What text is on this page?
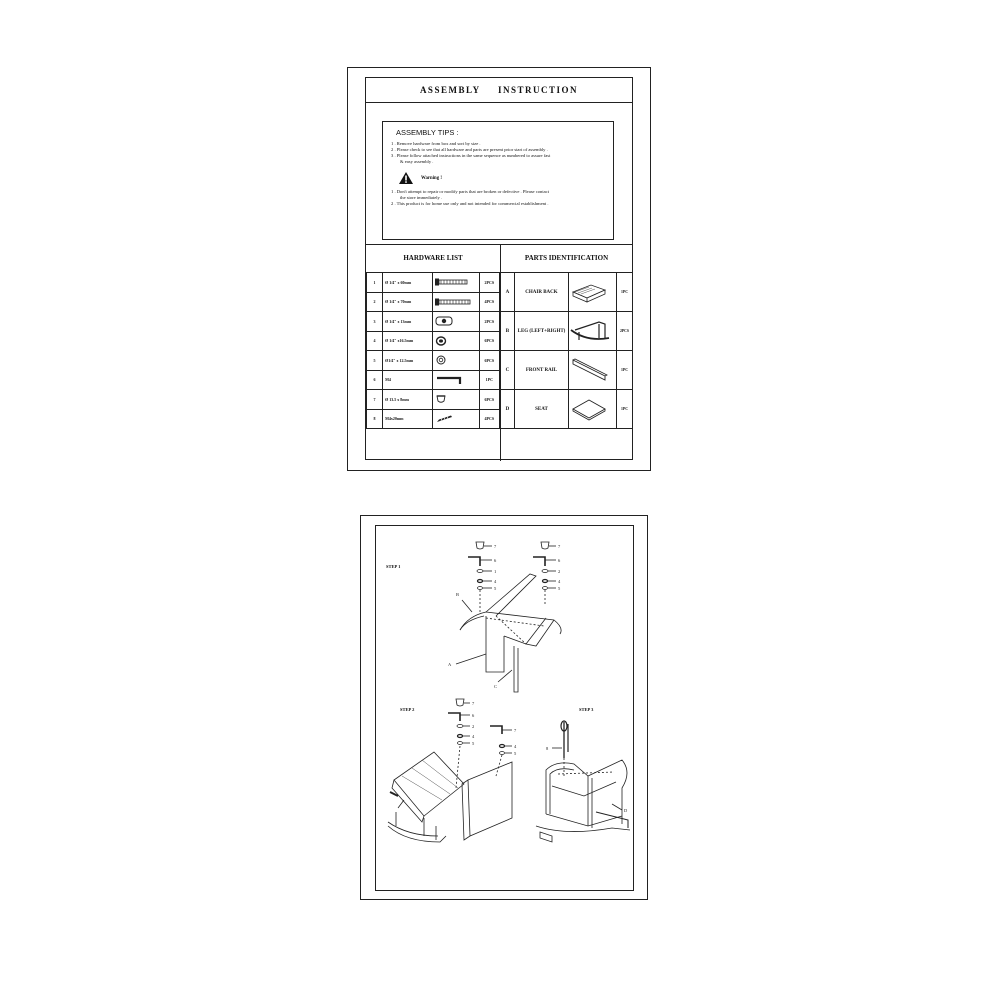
ASSEMBLY INSTRUCTION
ASSEMBLY TIPS :

1 . Remove hardware from box and sort by size .

2 . Please check to see that all hardware and parts are present prior start of assembly .

3 . Please follow attached instructions in the same sequence as numbered to assure fast

& easy assembly .

Warning !

1 . Don't attempt to repair or modify parts that are broken or defective . Please contact

the store immediately .

2 . This product is for home use only and not intended for commercial establishment .

HARDWARE LIST	PARTS IDENTIFICATION
1	Ø 1/4" x 60mm		2PCS
2	Ø 1/4" x 70mm		4PCS
3	Ø 1/4" x 13mm		2PCS
4	Ø 1/4" x16.5mm		6PCS
5	Ø1/4" x 12.5mm		6PCS
6	M4		1PC
7	Ø 13.5 x 8mm		6PCS
8	M4x20mm		4PCS
A	CHAIR BACK		1PC
B	LEG (LEFT+RIGHT)		2PCS
C	FRONT RAIL		1PC
D	SEAT		1PC
STEP 1
STEP 2	STEP 3
7
6
1
4
5
7
6
2
4
5
B
A
C
7
6
2
4
5
7
4
5
8
D
